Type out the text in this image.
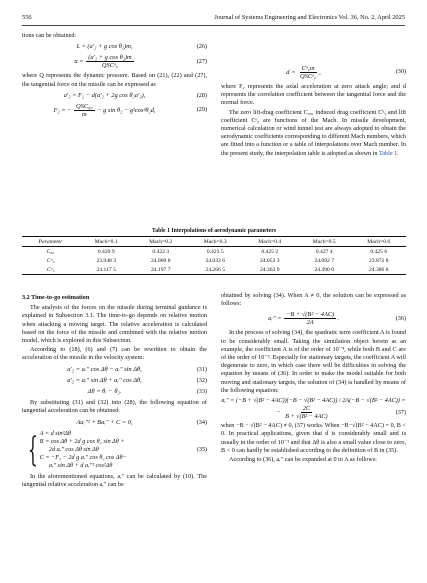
556	Journal of Systems Engineering and Electronics Vol. 36, No. 2, April 2025

tions can be obtained:

L = (a′₂ + g cos θ₂)m,	(26)
$\alpha = \frac{\text{(a′₂ + g cos θ₂)m}}{\text{QSCᵅᵧ}}$	(27)

where Q represents the dynamic pressure. Based on (21), (22) and (27), the tangential force on the missile can be expressed as

a′₂ = F₂ − d(a′₂ + 2g cos θ₂a′₂),	(28)
F₂ = − $\frac{\text{QSC₀₀}}{m} - g$ sin θ₂ − g²cos²θ₂d,	(29)
$d = \frac{\text{Cᵅᵧm}}{\text{QSCᵅᵧ}}$ ,	(30)

where F₂ represents the axial acceleration at zero attack angle; and d represents the correlation coefficient between the tangential force and the normal force.

The zero lift-drag coefficient C₀₀, induced drag coefficient Cᵅᵧ and lift coefficient Cᵅᵧ are functions of the Mach. In missile development, numerical calculation or wind tunnel test are always adopted to obtain the aerodynamic coefficients corresponding to different Mach numbers, which are fitted into a function or a table of interpolations over Mach number. In the present study, the interpolation table is adopted as shown in Table 1.

Table 1 Interpolations of aerodynamic parameters
Parameter	Mach=0.1	Mach=0.2	Mach=0.3	Mach=0.4	Mach=0.5	Mach=0.6
C₀₀	0.420 9	0.422 3	0.423 5	0.425 2	0.427 4	0.425 6
Cᵅᵧ	23.948 3	24.000 8	24.033 6	24.053 3	24.092 7	23.872 8
Cᵅᵧ	24.117 5	24.197 7	24.266 5	24.363 9	24.490 0	24.386 8

3.2 Time-to-go estimation

The analysis of the forces on the missile during terminal guidance is explained in Subsection 3.1. The time-to-go depends on relative motion when attacking a moving target. The relative acceleration is calculated based on the force of the missile and combined with the relative motion model, which is explored in this Subsection.

According to (18), (6) and (7) can be rewritten to obtain the acceleration of the missile in the velocity system:

a′₂ = aᵣ″ cos Δθ − aᵣ″ sin Δθ,	(31)
a′₂ = aᵣ″ sin Δθ + aᵣ″ cos Δθ,	(32)
Δθ = θᵣ − θ₂.	(33)

By substituting (31) and (32) into (28), the following equation of tangential acceleration can be obtained:

Aaᵣ″² + Baᵣ″ + C = 0,	(34)
{ A = d sin²Δθ
B = cos Δθ + 2d g cos θ₂ sin Δθ +
2d aᵣ″ cos Δθ sin Δθ
C = −F₂ − 2d g aᵣ″ cos θ₂ cos Δθ−
aᵣ″ sin Δθ + d aᵣ″² cos²Δθ
(35)

In the aforementioned equations, aᵣ″ can be calculated by (10). The tangential relative acceleration aᵣ″ can be

obtained by solving (34). When A ≠ 0, the solution can be expressed as follows:

aᵣ″ = $\frac{\text{−B + √(B² − 4AC)}}{2A}$ .	(36)

In the process of solving (34), the quadratic term coefficient A is found to be considerably small. Taking the simulation object herein as an example, the coefficient A is of the order of 10⁻⁴, while both B and C are of the order of 10⁻³. Especially for stationary targets, the coefficient A will degenerate to zero, in which case there will be difficulties in solving the equation by means of (36). In order to make the model suitable for both moving and stationary targets, the solution of (34) is handled by means of the following equation:

aᵣ″ = (−B + √(B² − 4AC))(−B − √(B² − 4AC)) / 2A(−B − √(B² − 4AC)) =
− $\frac{2C}{\text{B + √(B² − 4AC)}}$	(37)

when −B − √(B² − 4AC) ≠ 0, (37) works. When −B−√(B² − 4AC) = 0, B < 0. In practical applications, given that d is considerably small and is usually in the order of 10⁻³ and that Δθ is also a small value close to zero, B < 0 can hardly be established according to the definition of B in (35).

According to (36), aᵣ″ can be expanded at 0 to A as follows:
